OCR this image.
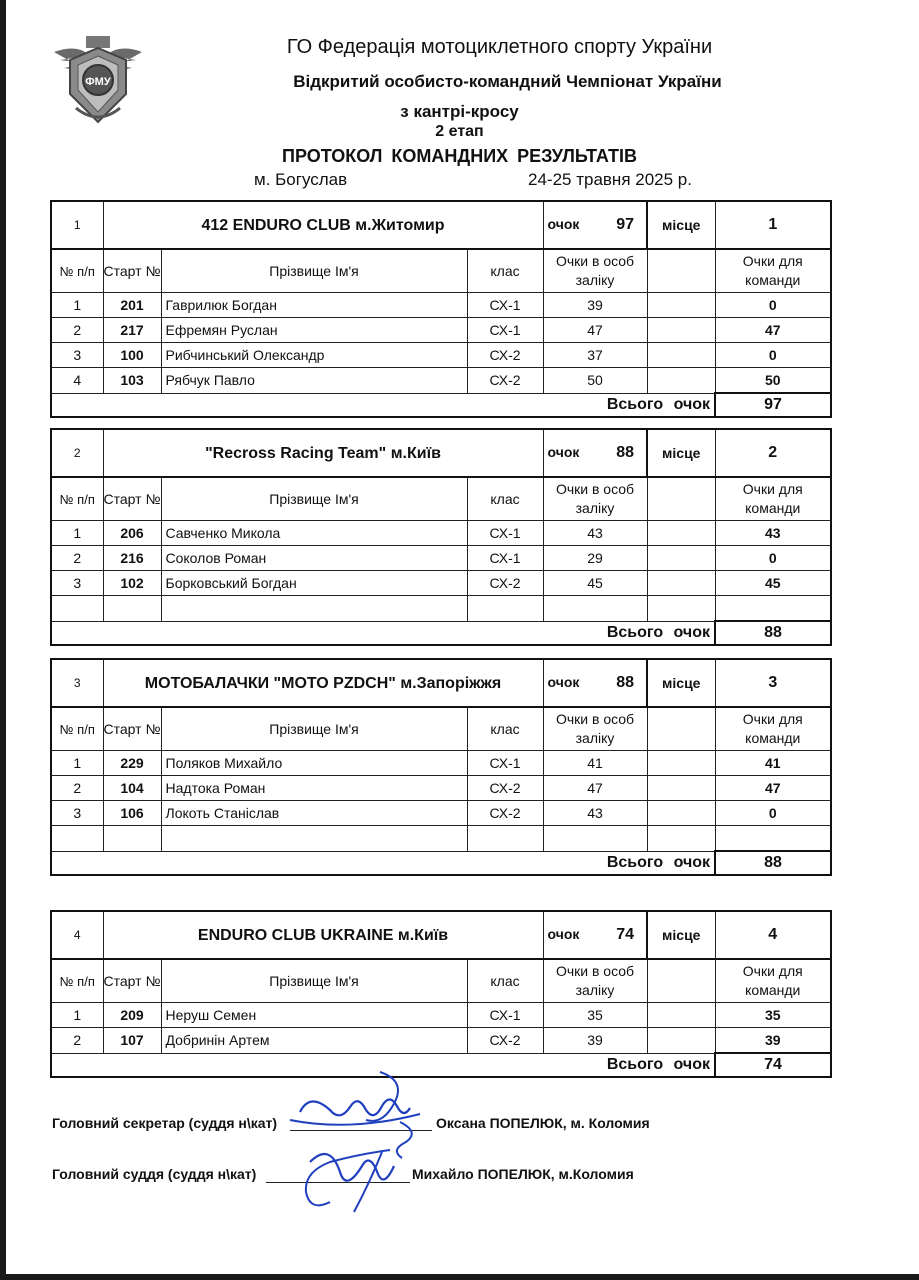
ФМУ
ГО Федерація мотоциклетного спорту України
Відкритий особисто-командний Чемпіонат України
з кантрі-кросу
2 етап
ПРОТОКОЛ КОМАНДНИХ РЕЗУЛЬТАТІВ
м. Богуслав	24-25 травня 2025 р.
1	412 ENDURO CLUB м.Житомир			очок 97	місце	1
№ п/п	Старт №	Прізвище Ім'я	клас	Очки в особ заліку		Очки для команди
1	201	Гаврилюк Богдан	СХ-1	39		0
2	217	Ефремян Руслан	СХ-1	47		47
3	100	Рибчинський Олександр	СХ-2	37		0
4	103	Рябчук Павло	СХ-2	50		50
Всього очок						97
2	"Recross Racing Team" м.Київ			очок 88	місце	2
№ п/п	Старт №	Прізвище Ім'я	клас	Очки в особ заліку		Очки для команди
1	206	Савченко Микола	СХ-1	43		43
2	216	Соколов Роман	СХ-1	29		0
3	102	Борковський Богдан	СХ-2	45		45

Всього очок						88
3	МОТОБАЛАЧКИ "МОТО PZDCH" м.Запоріжжя			очок 88	місце	3
№ п/п	Старт №	Прізвище Ім'я	клас	Очки в особ заліку		Очки для команди
1	229	Поляков Михайло	СХ-1	41		41
2	104	Надтока Роман	СХ-2	47		47
3	106	Локоть Станіслав	СХ-2	43		0

Всього очок						88
4	ENDURO CLUB UKRAINE м.Київ			очок 74	місце	4
№ п/п	Старт №	Прізвище Ім'я	клас	Очки в особ заліку		Очки для команди
1	209	Неруш Семен	СХ-1	35		35
2	107	Добринін Артем	СХ-2	39		39
Всього очок						74
Головний секретар (суддя н\кат)	Оксана ПОПЕЛЮК, м. Коломия
Головний суддя (суддя н\кат)	Михайло ПОПЕЛЮК, м.Коломия
